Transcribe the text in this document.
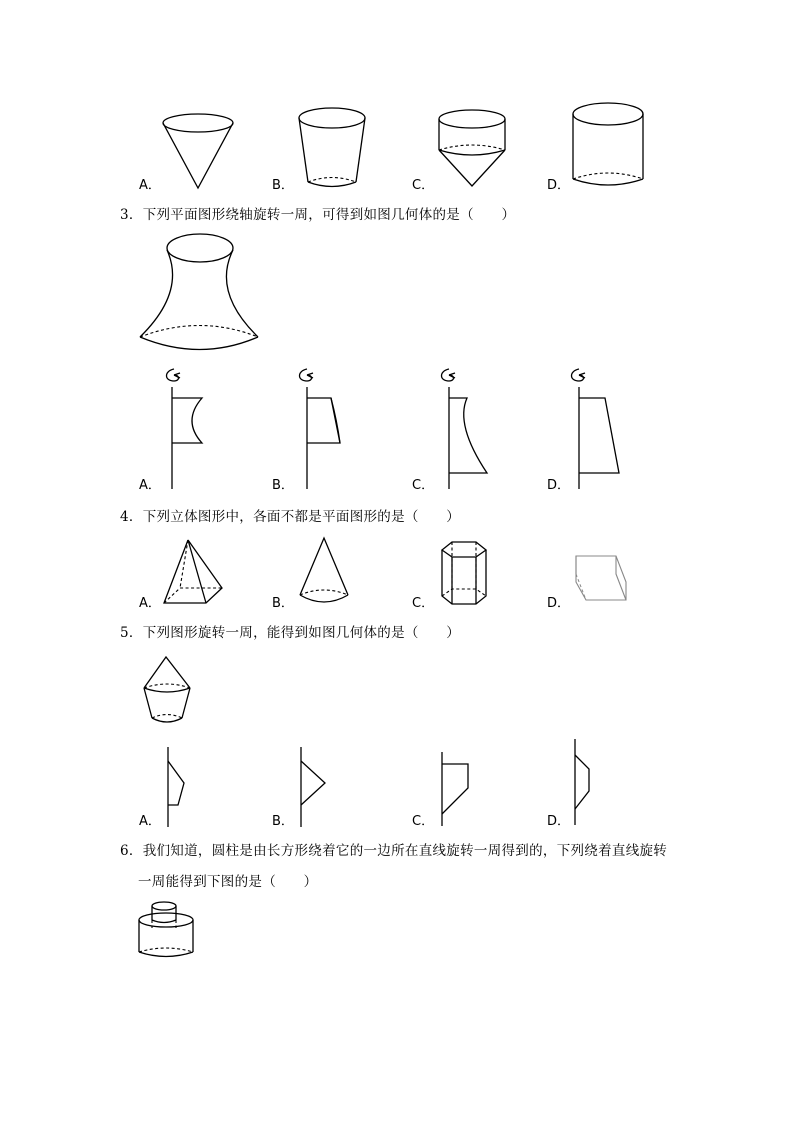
A．	B．	C．	D．
3．下列平面图形绕轴旋转一周，可得到如图几何体的是（　　）
A．	B．	C．	D．
4．下列立体图形中，各面不都是平面图形的是（　　）
A．	B．	C．	D．
5．下列图形旋转一周，能得到如图几何体的是（　　）
A．	B．	C．	D．
6．我们知道，圆柱是由长方形绕着它的一边所在直线旋转一周得到的，下列绕着直线旋转
一周能得到下图的是（　　）
